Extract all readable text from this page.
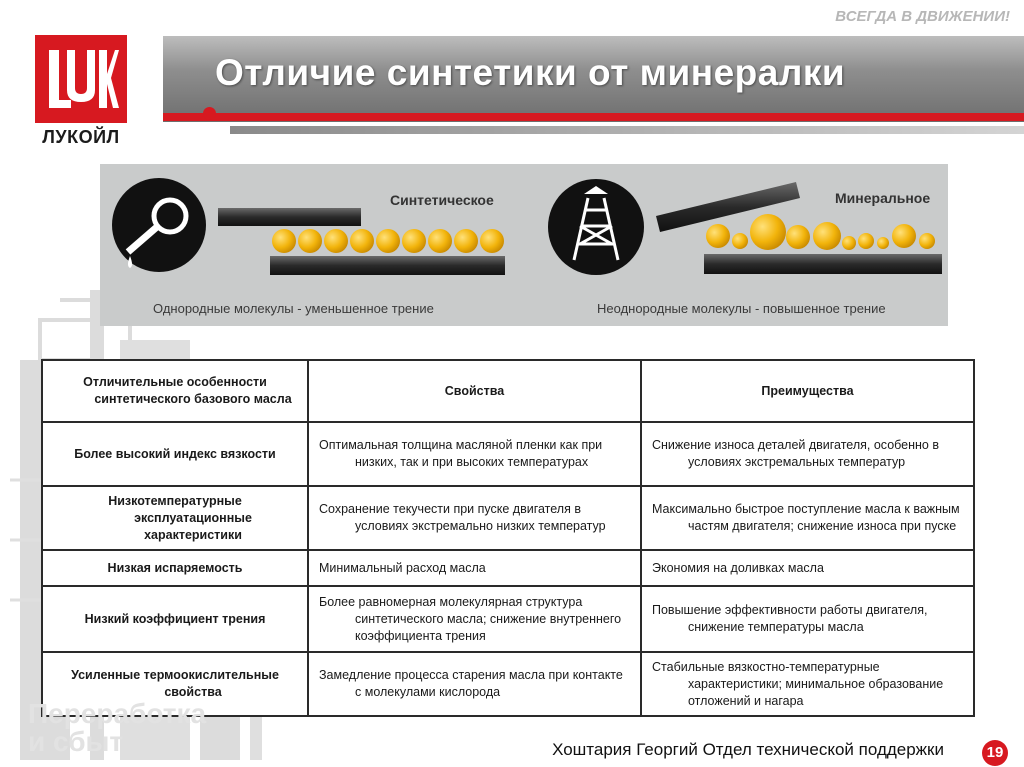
ВСЕГДА В ДВИЖЕНИИ!
ЛУКОЙЛ
Отличие синтетики от минералки
Синтетическое	Минеральное
Однородные молекулы - уменьшенное трение	Неоднородные молекулы - повышенное трение
Отличительные особенности синтетического базового масла	Свойства	Преимущества
Более высокий индекс вязкости	Оптимальная толщина масляной пленки как при низких, так и при высоких температурах	Снижение износа деталей двигателя, особенно в условиях экстремальных температур

Низкотемпературные эксплуатационные характеристики	Сохранение текучести при пуске двигателя в условиях экстремально низких температур	Максимально быстрое поступление масла к важным частям двигателя; снижение износа при пуске

Низкая испаряемость	Минимальный расход масла	Экономия на доливках масла
Низкий коэффициент трения	Более равномерная молекулярная структура синтетического масла; снижение внутреннего коэффициента трения	Повышение эффективности работы двигателя, снижение температуры масла

Усиленные термоокислительные свойства	Замедление процесса старения масла при контакте с молекулами кислорода	Стабильные вязкостно-температурные характеристики; минимальное образование отложений и нагара
Переработка
и сбыт	Хоштария Георгий Отдел технической поддержки	19
